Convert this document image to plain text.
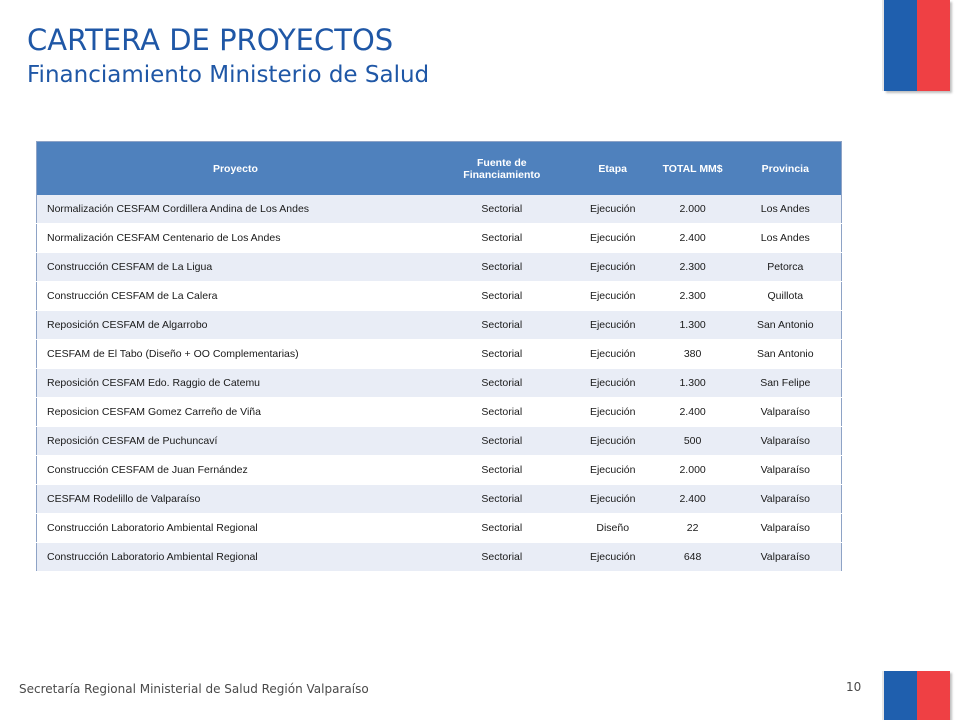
CARTERA DE PROYECTOS
Financiamiento Ministerio de Salud
Proyecto	Fuente de Financiamiento	Etapa	TOTAL MM$	Provincia
Normalización CESFAM Cordillera Andina de Los Andes	Sectorial	Ejecución	2.000	Los Andes
Normalización CESFAM Centenario de Los Andes	Sectorial	Ejecución	2.400	Los Andes
Construcción CESFAM de La Ligua	Sectorial	Ejecución	2.300	Petorca
Construcción CESFAM de La Calera	Sectorial	Ejecución	2.300	Quillota
Reposición CESFAM de Algarrobo	Sectorial	Ejecución	1.300	San Antonio
CESFAM de El Tabo (Diseño + OO Complementarias)	Sectorial	Ejecución	380	San Antonio
Reposición CESFAM Edo. Raggio de Catemu	Sectorial	Ejecución	1.300	San Felipe
Reposicion CESFAM Gomez Carreño de Viña	Sectorial	Ejecución	2.400	Valparaíso
Reposición CESFAM de Puchuncaví	Sectorial	Ejecución	500	Valparaíso
Construcción CESFAM de Juan Fernández	Sectorial	Ejecución	2.000	Valparaíso
CESFAM Rodelillo de Valparaíso	Sectorial	Ejecución	2.400	Valparaíso
Construcción Laboratorio Ambiental Regional	Sectorial	Diseño	22	Valparaíso
Construcción Laboratorio Ambiental Regional	Sectorial	Ejecución	648	Valparaíso
Secretaría Regional Ministerial de Salud Región Valparaíso	10
